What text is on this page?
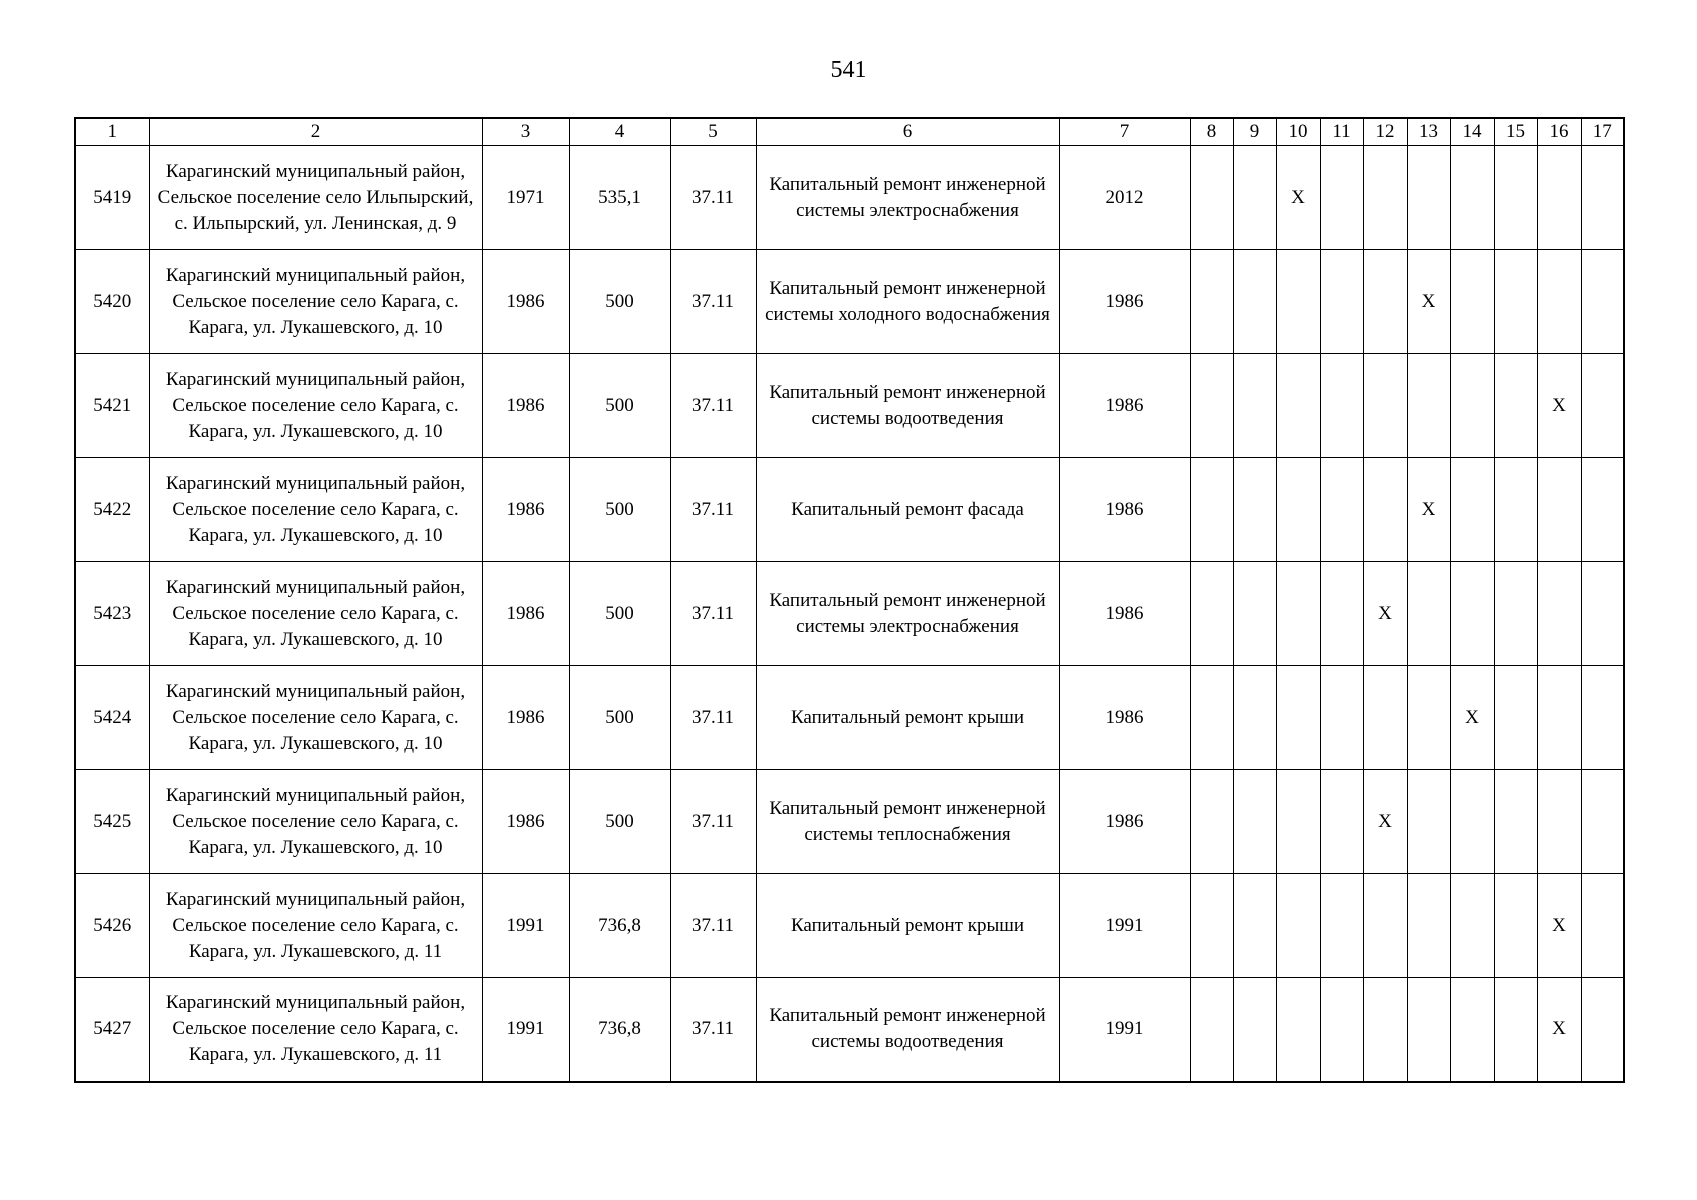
541
1	2	3	4	5	6	7	8	9	10	11	12	13	14	15	16	17
5419	Карагинский муниципальный район, Сельское поселение село Ильпырский, с. Ильпырский, ул. Ленинская, д. 9	1971	535,1	37.11	Капитальный ремонт инженерной системы электроснабжения	2012			X							
5420	Карагинский муниципальный район, Сельское поселение село Карага, с. Карага, ул. Лукашевского, д. 10	1986	500	37.11	Капитальный ремонт инженерной системы холодного водоснабжения	1986						X				
5421	Карагинский муниципальный район, Сельское поселение село Карага, с. Карага, ул. Лукашевского, д. 10	1986	500	37.11	Капитальный ремонт инженерной системы водоотведения	1986									X	
5422	Карагинский муниципальный район, Сельское поселение село Карага, с. Карага, ул. Лукашевского, д. 10	1986	500	37.11	Капитальный ремонт фасада	1986						X				
5423	Карагинский муниципальный район, Сельское поселение село Карага, с. Карага, ул. Лукашевского, д. 10	1986	500	37.11	Капитальный ремонт инженерной системы электроснабжения	1986					X					
5424	Карагинский муниципальный район, Сельское поселение село Карага, с. Карага, ул. Лукашевского, д. 10	1986	500	37.11	Капитальный ремонт крыши	1986							X			
5425	Карагинский муниципальный район, Сельское поселение село Карага, с. Карага, ул. Лукашевского, д. 10	1986	500	37.11	Капитальный ремонт инженерной системы теплоснабжения	1986					X					
5426	Карагинский муниципальный район, Сельское поселение село Карага, с. Карага, ул. Лукашевского, д. 11	1991	736,8	37.11	Капитальный ремонт крыши	1991									X	
5427	Карагинский муниципальный район, Сельское поселение село Карага, с. Карага, ул. Лукашевского, д. 11	1991	736,8	37.11	Капитальный ремонт инженерной системы водоотведения	1991									X	
